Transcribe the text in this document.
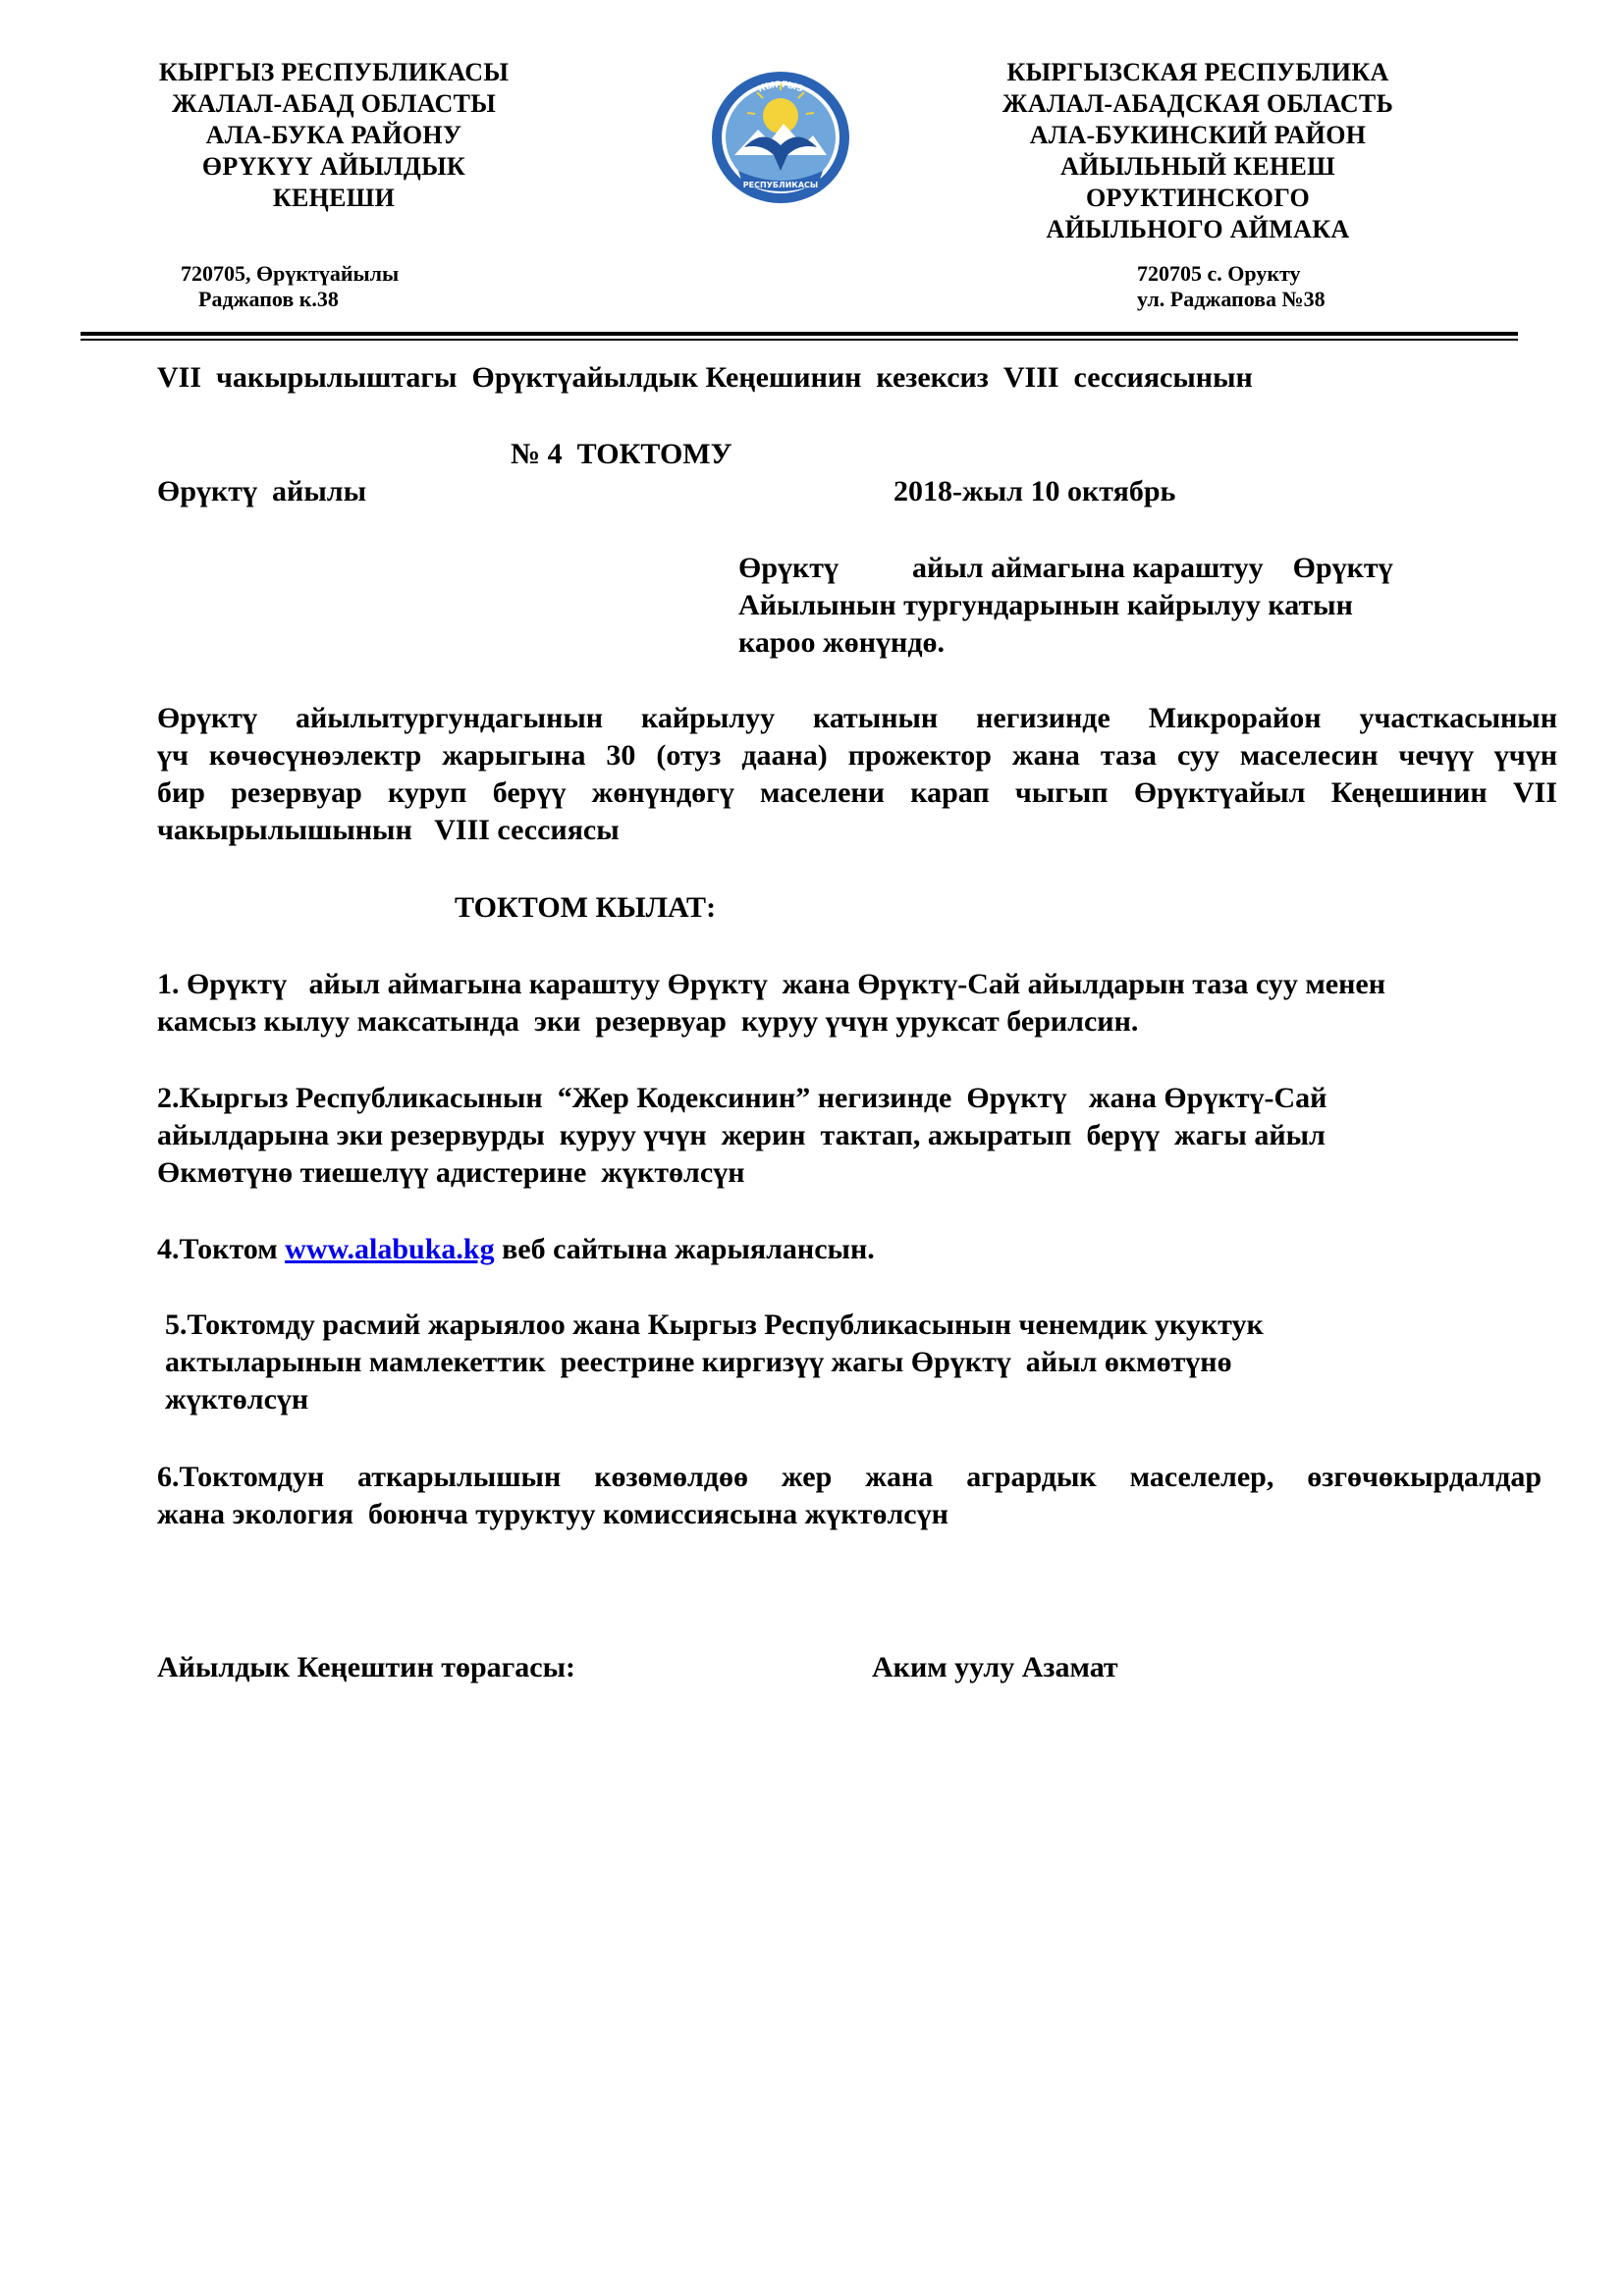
КЫРГЫЗ РЕСПУБЛИКАСЫ
ЖАЛАЛ-АБАД ОБЛАСТЫ
АЛА-БУКА РАЙОНУ
ӨРҮКҮҮ АЙЫЛДЫК
КЕҢЕШИ
КЫРГЫЗ
РЕСПУБЛИКАСЫ
КЫРГЫЗСКАЯ РЕСПУБЛИКА
ЖАЛАЛ-АБАДСКАЯ ОБЛАСТЬ
АЛА-БУКИНСКИЙ РАЙОН
АЙЫЛЬНЫЙ КЕНЕШ
ОРУКТИНСКОГО
АЙЫЛЬНОГО АЙМАКА
720705, Өрүктүайылы
Раджапов к.38
720705 с. Орукту
ул. Раджапова №38
VII  чакырылыштагы  Өрүктүайылдык Кеңешинин  кезексиз  VIII  сессиясынын
№ 4  ТОКТОМУ
Өрүктү  айылы	2018-жыл 10 октябрь
Өрүктү          айыл аймагына караштуу    Өрүктү
Айылынын тургундарынын кайрылуу катын
кароо жөнүндө.
Өрүктү айылытургундагынын кайрылуу катынын негизинде Микрорайон участкасынын
үч көчөсүнөэлектр жарыгына 30 (отуз даана) прожектор жана таза суу маселесин чечүү үчүн
бир резервуар куруп берүү жөнүндөгү маселени карап чыгып Өрүктүайыл Кеңешинин VII
чакырылышынын   VIII сессиясы
ТОКТОМ КЫЛАТ:
1. Өрүктү   айыл аймагына караштуу Өрүктү  жана Өрүктү-Сай айылдарын таза суу менен
камсыз кылуу максатында  эки  резервуар  куруу үчүн уруксат берилсин.
2.Кыргыз Республикасынын  “Жер Кодексинин” негизинде  Өрүктү   жана Өрүктү-Сай
айылдарына эки резервурды  куруу үчүн  жерин  тактап, ажыратып  берүү  жагы айыл
Өкмөтүнө тиешелүү адистерине  жүктөлсүн
4.Токтом www.alabuka.kg веб сайтына жарыялансын.
5.Токтомду расмий жарыялоо жана Кыргыз Республикасынын ченемдик укуктук
актыларынын мамлекеттик  реестрине киргизүү жагы Өрүктү  айыл өкмөтүнө
жүктөлсүн
6.Токтомдун аткарылышын көзөмөлдөө жер жана агрардык маселелер, өзгөчөкырдалдар
жана экология  боюнча туруктуу комиссиясына жүктөлсүн
Айылдык Кеңештин төрагасы:	Аким уулу Азамат
